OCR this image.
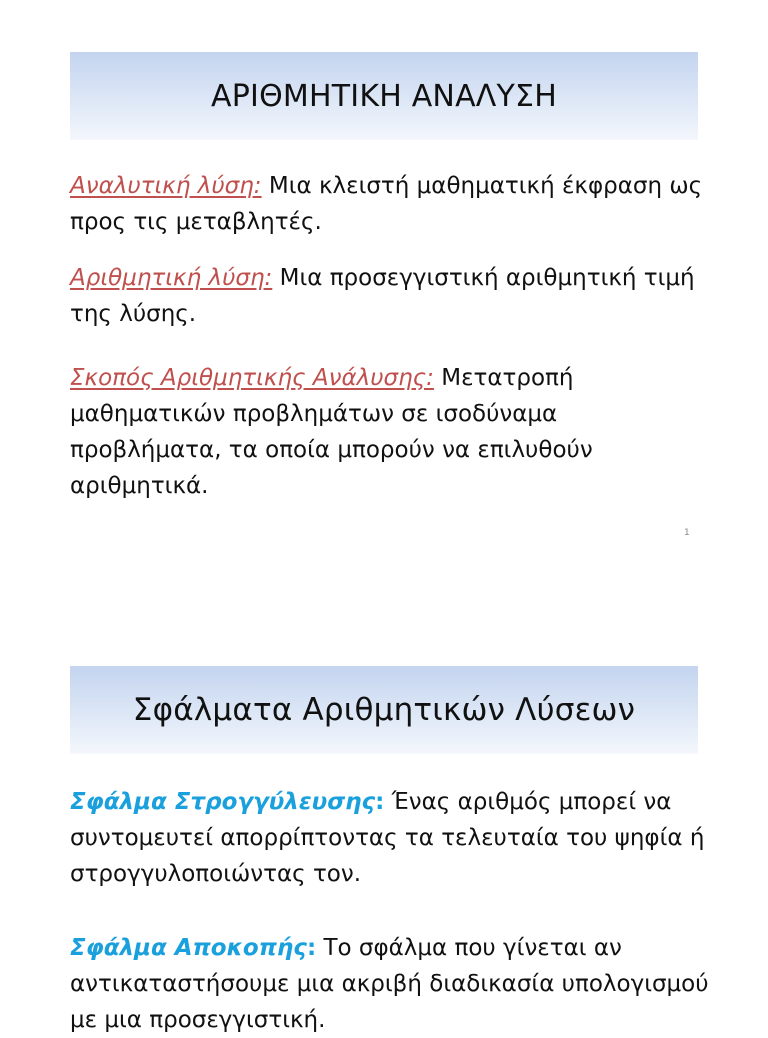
ΑΡΙΘΜΗΤΙΚΗ ΑΝΑΛΥΣΗ
Αναλυτική λύση: Μια κλειστή μαθηματική έκφραση ως προς τις μεταβλητές.
Αριθμητική λύση: Μια προσεγγιστική αριθμητική τιμή της λύσης.
Σκοπός Αριθμητικής Ανάλυσης: Μετατροπή μαθηματικών προβλημάτων σε ισοδύναμα προβλήματα, τα οποία μπορούν να επιλυθούν αριθμητικά.
1
Σφάλματα Αριθμητικών Λύσεων
Σφάλμα Στρογγύλευσης: Ένας αριθμός μπορεί να συντομευτεί απορρίπτοντας τα τελευταία του ψηφία ή στρογγυλοποιώντας τον.
Σφάλμα Αποκοπής: Το σφάλμα που γίνεται αν αντικαταστήσουμε μια ακριβή διαδικασία υπολογισμού με μια προσεγγιστική.
